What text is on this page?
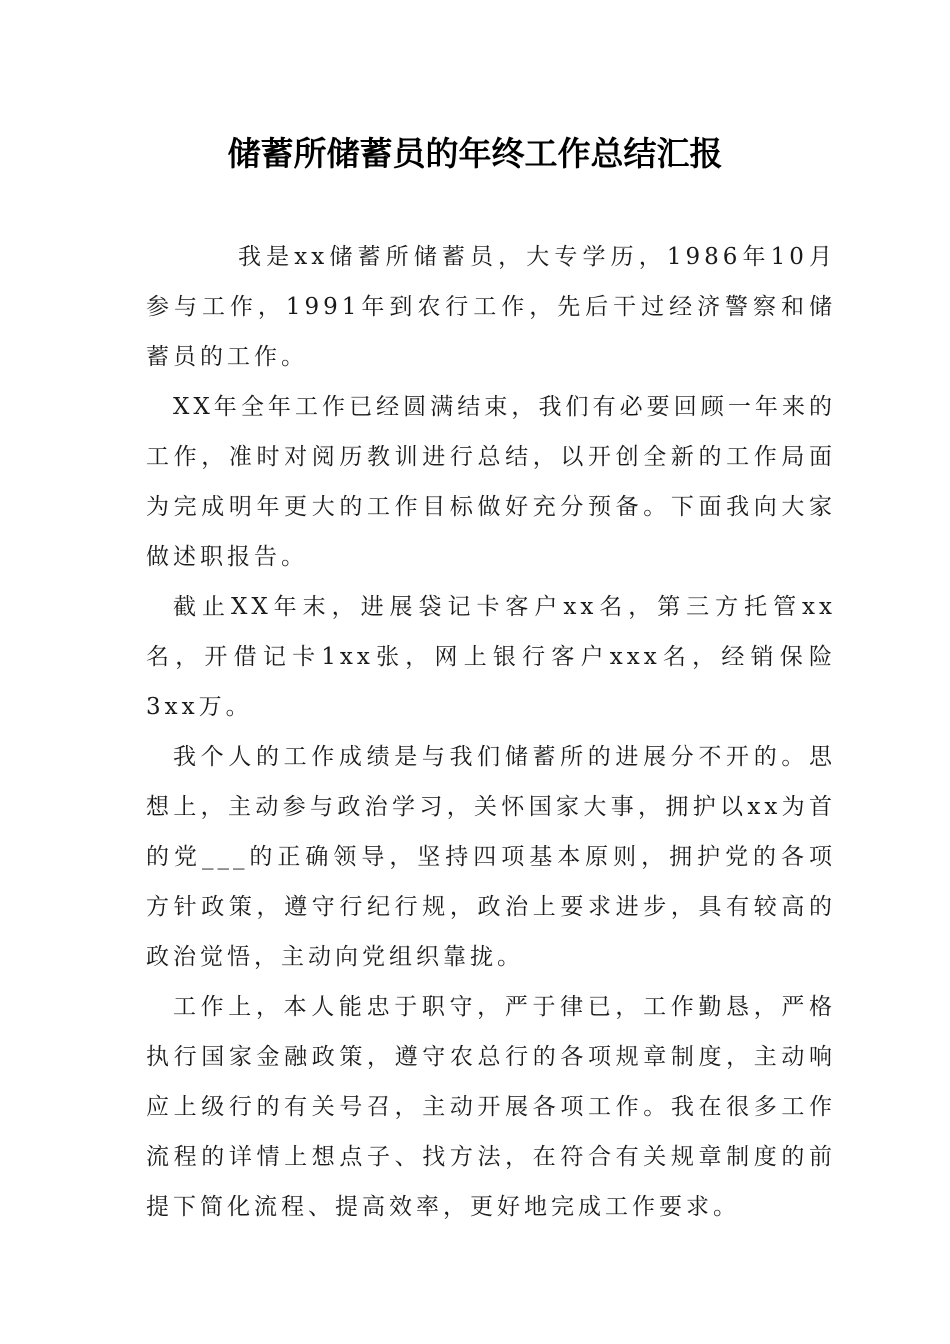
储蓄所储蓄员的年终工作总结汇报

我是xx储蓄所储蓄员，大专学历，1986年10月参与工作，1991年到农行工作，先后干过经济警察和储蓄员的工作。

XX年全年工作已经圆满结束，我们有必要回顾一年来的工作，准时对阅历教训进行总结，以开创全新的工作局面为完成明年更大的工作目标做好充分预备。下面我向大家做述职报告。

截止XX年末，进展袋记卡客户xx名，第三方托管xx名，开借记卡1xx张，网上银行客户xxx名，经销保险3xx万。

我个人的工作成绩是与我们储蓄所的进展分不开的。思想上，主动参与政治学习，关怀国家大事，拥护以xx为首的党___的正确领导，坚持四项基本原则，拥护党的各项方针政策，遵守行纪行规，政治上要求进步，具有较高的政治觉悟，主动向党组织靠拢。

工作上，本人能忠于职守，严于律已，工作勤恳，严格执行国家金融政策，遵守农总行的各项规章制度，主动响应上级行的有关号召，主动开展各项工作。我在很多工作流程的详情上想点子、找方法，在符合有关规章制度的前提下简化流程、提高效率，更好地完成工作要求。
